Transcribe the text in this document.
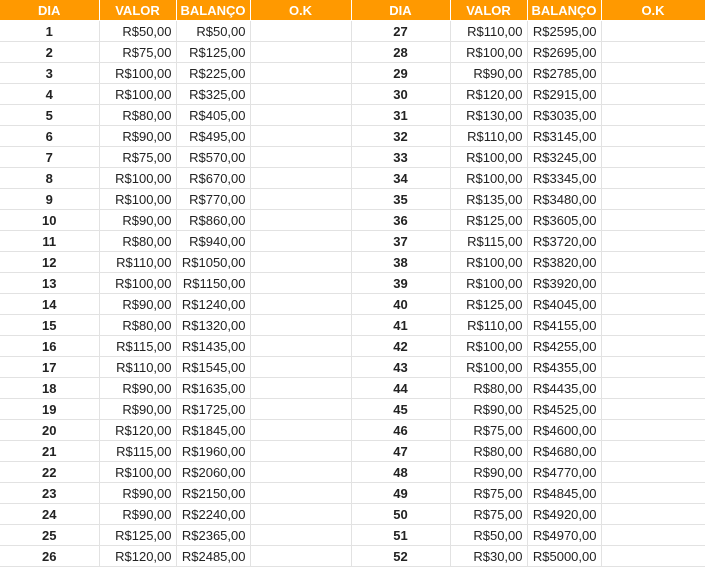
DIA	VALOR	BALANÇO	O.K	DIA	VALOR	BALANÇO	O.K
1	R$50,00	R$50,00		27	R$110,00	R$2595,00	
2	R$75,00	R$125,00		28	R$100,00	R$2695,00	
3	R$100,00	R$225,00		29	R$90,00	R$2785,00	
4	R$100,00	R$325,00		30	R$120,00	R$2915,00	
5	R$80,00	R$405,00		31	R$130,00	R$3035,00	
6	R$90,00	R$495,00		32	R$110,00	R$3145,00	
7	R$75,00	R$570,00		33	R$100,00	R$3245,00	
8	R$100,00	R$670,00		34	R$100,00	R$3345,00	
9	R$100,00	R$770,00		35	R$135,00	R$3480,00	
10	R$90,00	R$860,00		36	R$125,00	R$3605,00	
11	R$80,00	R$940,00		37	R$115,00	R$3720,00	
12	R$110,00	R$1050,00		38	R$100,00	R$3820,00	
13	R$100,00	R$1150,00		39	R$100,00	R$3920,00	
14	R$90,00	R$1240,00		40	R$125,00	R$4045,00	
15	R$80,00	R$1320,00		41	R$110,00	R$4155,00	
16	R$115,00	R$1435,00		42	R$100,00	R$4255,00	
17	R$110,00	R$1545,00		43	R$100,00	R$4355,00	
18	R$90,00	R$1635,00		44	R$80,00	R$4435,00	
19	R$90,00	R$1725,00		45	R$90,00	R$4525,00	
20	R$120,00	R$1845,00		46	R$75,00	R$4600,00	
21	R$115,00	R$1960,00		47	R$80,00	R$4680,00	
22	R$100,00	R$2060,00		48	R$90,00	R$4770,00	
23	R$90,00	R$2150,00		49	R$75,00	R$4845,00	
24	R$90,00	R$2240,00		50	R$75,00	R$4920,00	
25	R$125,00	R$2365,00		51	R$50,00	R$4970,00	
26	R$120,00	R$2485,00		52	R$30,00	R$5000,00	
